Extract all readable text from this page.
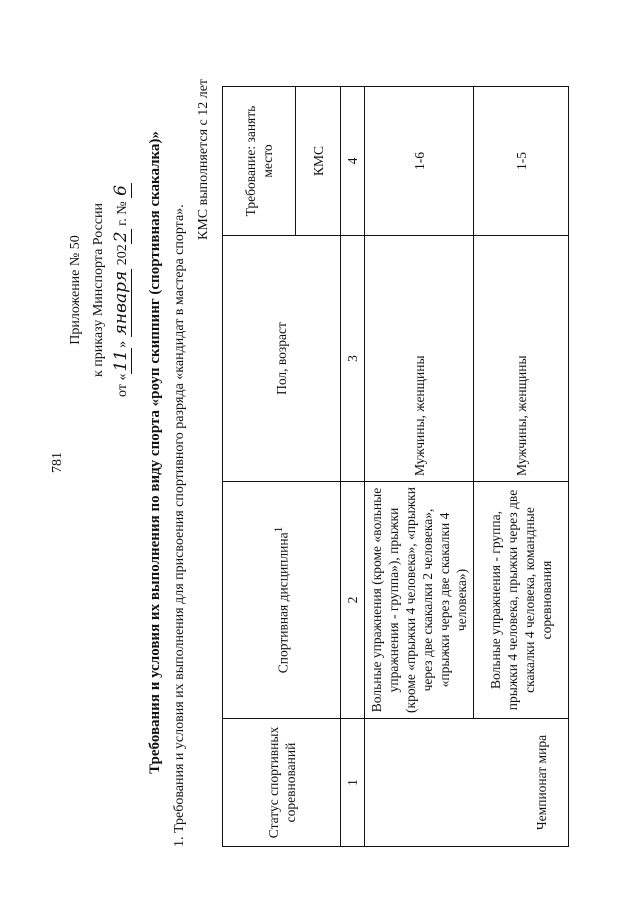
781
Приложение № 50 к приказу Минспорта России
от «11» января 2022 г. № 6 Требования и условия их выполнения по виду спорта «роуп скиппинг (спортивная скакалка)» 1. Требования и условия их выполнения для присвоения спортивного разряда «кандидат в мастера спорта».
КМС выполняется с 12 лет
Статус спортивных соревнований	Спортивная дисциплина$^1$	Пол, возраст	Требование: занять место
			КМС
1	2	3	4
Чемпионат мира	Вольные упражнения (кроме «вольные упражнения - группа»), прыжки (кроме «прыжки 4 человека», «прыжки через две скакалки 2 человека», «прыжки через две скакалки 4 человека»)	Мужчины, женщины	1-6
	Вольные упражнения - группа, прыжки 4 человека, прыжки через две скакалки 4 человека, командные соревнования	Мужчины, женщины	1-5
